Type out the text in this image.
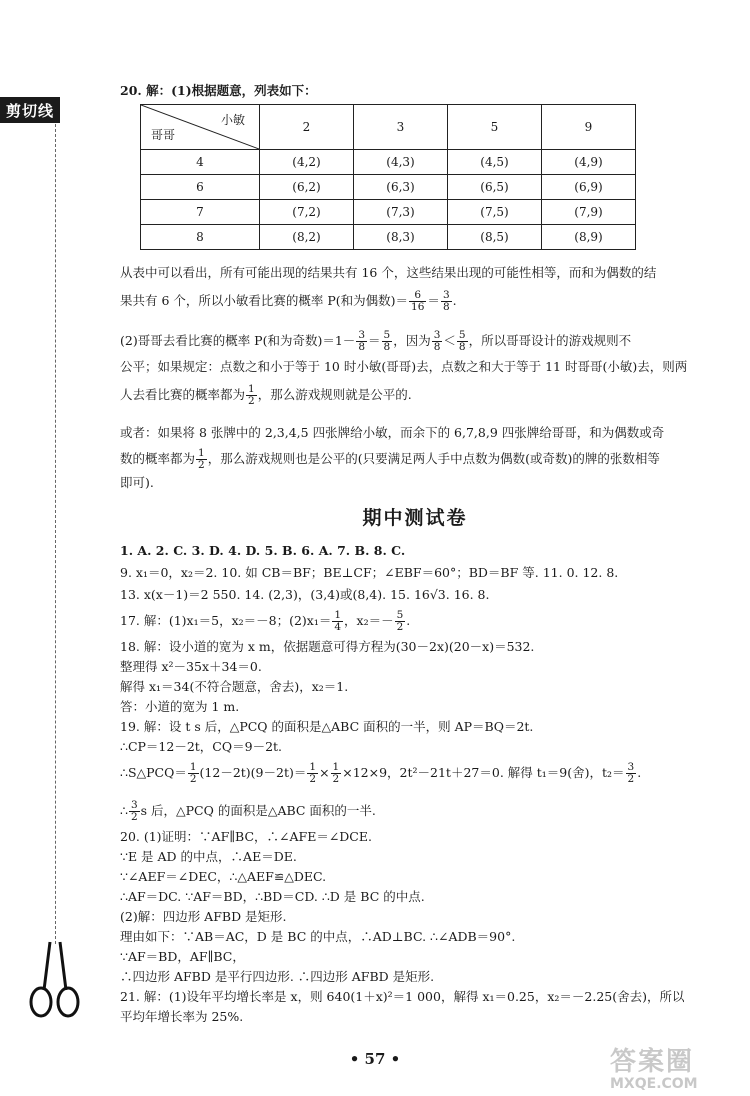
剪切线
20. 解：(1)根据题意，列表如下：
从表中可以看出，所有可能出现的结果共有 16 个，这些结果出现的可能性相等，而和为偶数的结
果共有 6 个，所以小敏看比赛的概率 P(和为偶数)＝ $\frac{6}{16} = \frac{3}{8}$ .
(2)哥哥去看比赛的概率 P(和为奇数)$=1- \frac{3}{8} = \frac{5}{8}$ ，因为 $\frac{3}{8} < \frac{5}{8}$ ，所以哥哥设计的游戏规则不
公平；如果规定：点数之和小于等于 10 时小敏(哥哥)去，点数之和大于等于 11 时哥哥(小敏)去，则两
人去看比赛的概率都为 $\frac{1}{2}$ ，那么游戏规则就是公平的.
或者：如果将 8 张牌中的 2,3,4,5 四张牌给小敏，而余下的 6,7,8,9 四张牌给哥哥，和为偶数或奇
数的概率都为 $\frac{1}{2}$ ，那么游戏规则也是公平的(只要满足两人手中点数为偶数(或奇数)的牌的张数相等
即可).
期中测试卷
1. A. 2. C. 3. D. 4. D. 5. B. 6. A. 7. B. 8. C.
9. x₁＝0，x₂＝2. 10. 如 CB＝BF；BE⊥CF；∠EBF＝60°；BD＝BF 等. 11. 0. 12. 8.
13. x(x－1)＝2 550. 14. (2,3)，(3,4)或(8,4). 15. 16√3. 16. 8.
17. 解：(1)x₁＝5，x₂＝－8；$(2)x_1= \frac{1}{4}$ ，$x_2=- \frac{5}{2}$ .
18. 解：设小道的宽为 x m，依据题意可得方程为(30－2x)(20－x)＝532.
整理得 x²－35x＋34＝0.
解得 x₁＝34(不符合题意，舍去)，x₂＝1.
答：小道的宽为 1 m.
19. 解：设 t s 后，△PCQ 的面积是△ABC 面积的一半，则 AP＝BQ＝2t.
∴CP＝12－2t，CQ＝9－2t.
∴S△PCQ＝ $\frac{1}{2} (12-2t)(9-2t)= \frac{1}{2} \times \frac{1}{2} \times 12\times 9$，2t²－21t＋27＝0. 解得 t₁＝9(舍)，$t_2= \frac{3}{2}$ .
∴ $\frac{3}{2}$ s 后，△PCQ 的面积是△ABC 面积的一半.
20. (1)证明：∵AF∥BC，∴∠AFE＝∠DCE.
∵E 是 AD 的中点，∴AE＝DE.
∵∠AEF＝∠DEC，∴△AEF≌△DEC.
∴AF＝DC. ∵AF＝BD，∴BD＝CD. ∴D 是 BC 的中点.
(2)解：四边形 AFBD 是矩形.
理由如下：∵AB＝AC，D 是 BC 的中点，∴AD⊥BC. ∴∠ADB＝90°.
∵AF＝BD，AF∥BC，
∴四边形 AFBD 是平行四边形. ∴四边形 AFBD 是矩形.
21. 解：(1)设年平均增长率是 x，则 640(1＋x)²＝1 000，解得 x₁＝0.25，x₂＝－2.25(舍去)，所以
平均年增长率为 25%.
小敏
哥哥	2	3	5	9
4	(4,2)	(4,3)	(4,5)	(4,9)
6	(6,2)	(6,3)	(6,5)	(6,9)
7	(7,2)	(7,3)	(7,5)	(7,9)
8	(8,2)	(8,3)	(8,5)	(8,9)
• 57 •	答案圈
MXQE.COM
